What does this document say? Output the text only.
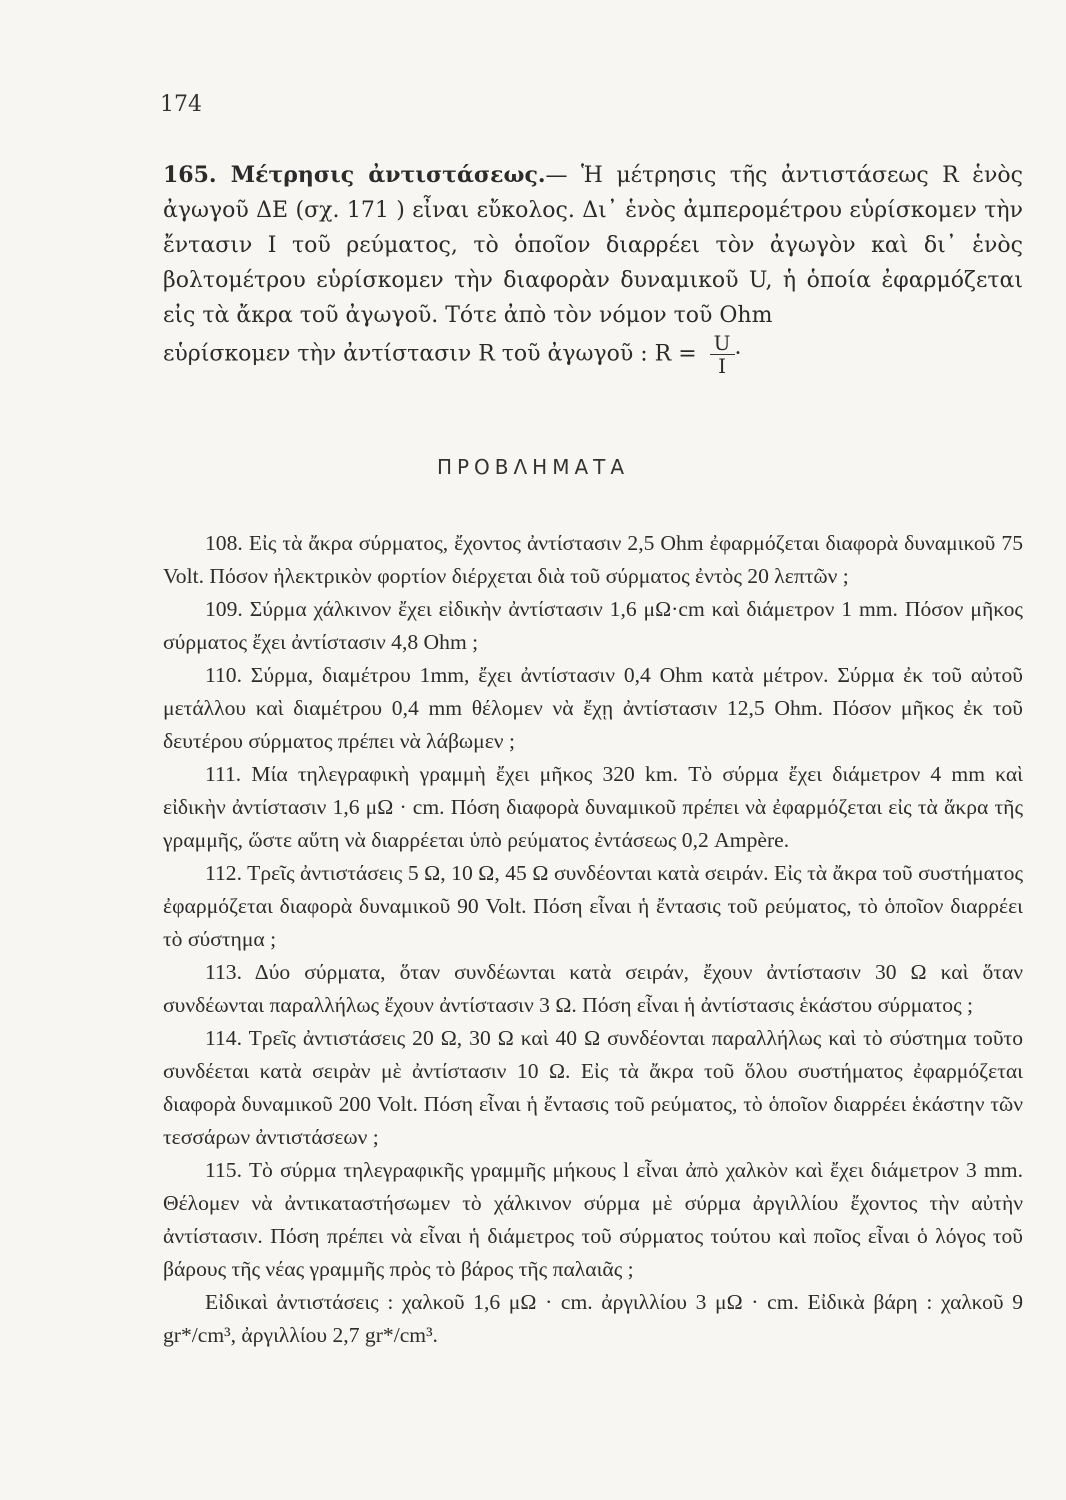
174
165. Μέτρησις ἀντιστάσεως.— Ἡ μέτρησις τῆς ἀντιστάσεως R ἑνὸς ἀγωγοῦ ΔΕ (σχ. 171 ) εἶναι εὔκολος. Δι᾽ ἑνὸς ἀμπερομέτρου εὑρίσκομεν τὴν ἔντασιν I τοῦ ρεύματος, τὸ ὁποῖον διαρρέει τὸν ἀγωγὸν καὶ δι᾽ ἑνὸς βολτομέτρου εὑρίσκομεν τὴν διαφορὰν δυναμικοῦ U, ἡ ὁποία ἐφαρμόζεται εἰς τὰ ἄκρα τοῦ ἀγωγοῦ. Τότε ἀπὸ τὸν νόμον τοῦ Ohm
εὑρίσκομεν τὴν ἀντίστασιν R τοῦ ἀγωγοῦ : $R = \frac{U}{I}$ ·
ΠΡΟΒΛΗΜΑΤΑ

108. Εἰς τὰ ἄκρα σύρματος, ἔχοντος ἀντίστασιν 2,5 Ohm ἐφαρμόζεται διαφορὰ δυναμικοῦ 75 Volt. Πόσον ἠλεκτρικὸν φορτίον διέρχεται διὰ τοῦ σύρματος ἐντὸς 20 λεπτῶν ;

109. Σύρμα χάλκινον ἔχει εἰδικὴν ἀντίστασιν 1,6 μΩ·cm καὶ διάμετρον 1 mm. Πόσον μῆκος σύρματος ἔχει ἀντίστασιν 4,8 Ohm ;

110. Σύρμα, διαμέτρου 1mm, ἔχει ἀντίστασιν 0,4 Ohm κατὰ μέτρον. Σύρμα ἐκ τοῦ αὐτοῦ μετάλλου καὶ διαμέτρου 0,4 mm θέλομεν νὰ ἔχῃ ἀντίστασιν 12,5 Ohm. Πόσον μῆκος ἐκ τοῦ δευτέρου σύρματος πρέπει νὰ λάβωμεν ;

111. Μία τηλεγραφικὴ γραμμὴ ἔχει μῆκος 320 km. Τὸ σύρμα ἔχει διάμετρον 4 mm καὶ εἰδικὴν ἀντίστασιν 1,6 μΩ · cm. Πόση διαφορὰ δυναμικοῦ πρέπει νὰ ἐφαρμόζεται εἰς τὰ ἄκρα τῆς γραμμῆς, ὥστε αὕτη νὰ διαρρέεται ὑπὸ ρεύματος ἐντάσεως 0,2 Ampère.

112. Τρεῖς ἀντιστάσεις 5 Ω, 10 Ω, 45 Ω συνδέονται κατὰ σειράν. Εἰς τὰ ἄκρα τοῦ συστήματος ἐφαρμόζεται διαφορὰ δυναμικοῦ 90 Volt. Πόση εἶναι ἡ ἔντασις τοῦ ρεύματος, τὸ ὁποῖον διαρρέει τὸ σύστημα ;

113. Δύο σύρματα, ὅταν συνδέωνται κατὰ σειράν, ἔχουν ἀντίστασιν 30 Ω καὶ ὅταν συνδέωνται παραλλήλως ἔχουν ἀντίστασιν 3 Ω. Πόση εἶναι ἡ ἀντίστασις ἑκάστου σύρματος ;

114. Τρεῖς ἀντιστάσεις 20 Ω, 30 Ω καὶ 40 Ω συνδέονται παραλλήλως καὶ τὸ σύστημα τοῦτο συνδέεται κατὰ σειρὰν μὲ ἀντίστασιν 10 Ω. Εἰς τὰ ἄκρα τοῦ ὅλου συστήματος ἐφαρμόζεται διαφορὰ δυναμικοῦ 200 Volt. Πόση εἶναι ἡ ἔντασις τοῦ ρεύματος, τὸ ὁποῖον διαρρέει ἑκάστην τῶν τεσσάρων ἀντιστάσεων ;

115. Τὸ σύρμα τηλεγραφικῆς γραμμῆς μήκους l εἶναι ἀπὸ χαλκὸν καὶ ἔχει διάμετρον 3 mm. Θέλομεν νὰ ἀντικαταστήσωμεν τὸ χάλκινον σύρμα μὲ σύρμα ἀργιλλίου ἔχοντος τὴν αὐτὴν ἀντίστασιν. Πόση πρέπει νὰ εἶναι ἡ διάμετρος τοῦ σύρματος τούτου καὶ ποῖος εἶναι ὁ λόγος τοῦ βάρους τῆς νέας γραμμῆς πρὸς τὸ βάρος τῆς παλαιᾶς ;

Εἰδικαὶ ἀντιστάσεις : χαλκοῦ 1,6 μΩ · cm. ἀργιλλίου 3 μΩ · cm. Εἰδικὰ βάρη : χαλκοῦ 9 gr*/cm³, ἀργιλλίου 2,7 gr*/cm³.
